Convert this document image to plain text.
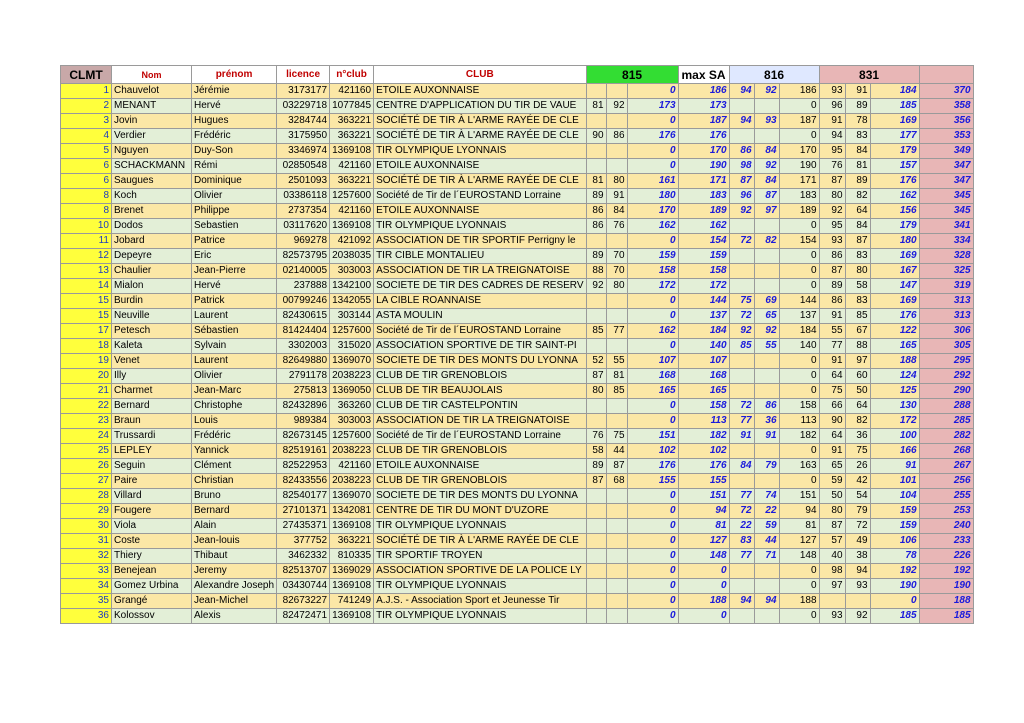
CLMT	Nom	prénom	licence	n°club	CLUB	815			max SA	816			831			
1	Chauvelot	Jérémie	3173177	421160	ETOILE AUXONNAISE			0	186	94	92	186	93	91	184	370
2	MENANT	Hervé	03229718	1077845	CENTRE D'APPLICATION DU TIR DE VAUE	81	92	173	173			0	96	89	185	358
3	Jovin	Hugues	3284744	363221	SOCIÉTÉ DE TIR À L'ARME RAYÉE DE CLE			0	187	94	93	187	91	78	169	356
4	Verdier	Frédéric	3175950	363221	SOCIÉTÉ DE TIR À L'ARME RAYÉE DE CLE	90	86	176	176			0	94	83	177	353
5	Nguyen	Duy-Son	3346974	1369108	TIR OLYMPIQUE LYONNAIS			0	170	86	84	170	95	84	179	349
6	SCHACKMANN	Rémi	02850548	421160	ETOILE AUXONNAISE			0	190	98	92	190	76	81	157	347
6	Saugues	Dominique	2501093	363221	SOCIÉTÉ DE TIR À L'ARME RAYÉE DE CLE	81	80	161	171	87	84	171	87	89	176	347
8	Koch	Olivier	03386118	1257600	Société de Tir de l´EUROSTAND Lorraine	89	91	180	183	96	87	183	80	82	162	345
8	Brenet	Philippe	2737354	421160	ETOILE AUXONNAISE	86	84	170	189	92	97	189	92	64	156	345
10	Dodos	Sebastien	03117620	1369108	TIR OLYMPIQUE LYONNAIS	86	76	162	162			0	95	84	179	341
11	Jobard	Patrice	969278	421092	ASSOCIATION DE TIR SPORTIF Perrigny le			0	154	72	82	154	93	87	180	334
12	Depeyre	Eric	82573795	2038035	TIR CIBLE MONTALIEU	89	70	159	159			0	86	83	169	328
13	Chaulier	Jean-Pierre	02140005	303003	ASSOCIATION DE TIR LA TREIGNATOISE	88	70	158	158			0	87	80	167	325
14	Mialon	Hervé	237888	1342100	SOCIETE DE TIR DES CADRES DE RESERV	92	80	172	172			0	89	58	147	319
15	Burdin	Patrick	00799246	1342055	LA CIBLE ROANNAISE			0	144	75	69	144	86	83	169	313
15	Neuville	Laurent	82430615	303144	ASTA MOULIN			0	137	72	65	137	91	85	176	313
17	Petesch	Sébastien	81424404	1257600	Société de Tir de l´EUROSTAND Lorraine	85	77	162	184	92	92	184	55	67	122	306
18	Kaleta	Sylvain	3302003	315020	ASSOCIATION SPORTIVE DE TIR SAINT-PI			0	140	85	55	140	77	88	165	305
19	Venet	Laurent	82649880	1369070	SOCIETE DE TIR DES MONTS DU LYONNA	52	55	107	107			0	91	97	188	295
20	Illy	Olivier	2791178	2038223	CLUB DE TIR GRENOBLOIS	87	81	168	168			0	64	60	124	292
21	Charmet	Jean-Marc	275813	1369050	CLUB DE TIR BEAUJOLAIS	80	85	165	165			0	75	50	125	290
22	Bernard	Christophe	82432896	363260	CLUB DE TIR CASTELPONTIN			0	158	72	86	158	66	64	130	288
23	Braun	Louis	989384	303003	ASSOCIATION DE TIR LA TREIGNATOISE			0	113	77	36	113	90	82	172	285
24	Trussardi	Frédéric	82673145	1257600	Société de Tir de l´EUROSTAND Lorraine	76	75	151	182	91	91	182	64	36	100	282
25	LEPLEY	Yannick	82519161	2038223	CLUB DE TIR GRENOBLOIS	58	44	102	102			0	91	75	166	268
26	Seguin	Clément	82522953	421160	ETOILE AUXONNAISE	89	87	176	176	84	79	163	65	26	91	267
27	Paire	Christian	82433556	2038223	CLUB DE TIR GRENOBLOIS	87	68	155	155			0	59	42	101	256
28	Villard	Bruno	82540177	1369070	SOCIETE DE TIR DES MONTS DU LYONNA			0	151	77	74	151	50	54	104	255
29	Fougere	Bernard	27101371	1342081	CENTRE DE TIR DU MONT D'UZORE			0	94	72	22	94	80	79	159	253
30	Viola	Alain	27435371	1369108	TIR OLYMPIQUE LYONNAIS			0	81	22	59	81	87	72	159	240
31	Coste	Jean-louis	377752	363221	SOCIÉTÉ DE TIR À L'ARME RAYÉE DE CLE			0	127	83	44	127	57	49	106	233
32	Thiery	Thibaut	3462332	810335	TIR SPORTIF TROYEN			0	148	77	71	148	40	38	78	226
33	Benejean	Jeremy	82513707	1369029	ASSOCIATION SPORTIVE DE LA POLICE LY			0	0			0	98	94	192	192
34	Gomez Urbina	Alexandre Joseph	03430744	1369108	TIR OLYMPIQUE LYONNAIS			0	0			0	97	93	190	190
35	Grangé	Jean-Michel	82673227	741249	A.J.S. - Association Sport et Jeunesse Tir			0	188	94	94	188			0	188
36	Kolossov	Alexis	82472471	1369108	TIR OLYMPIQUE LYONNAIS			0	0			0	93	92	185	185
